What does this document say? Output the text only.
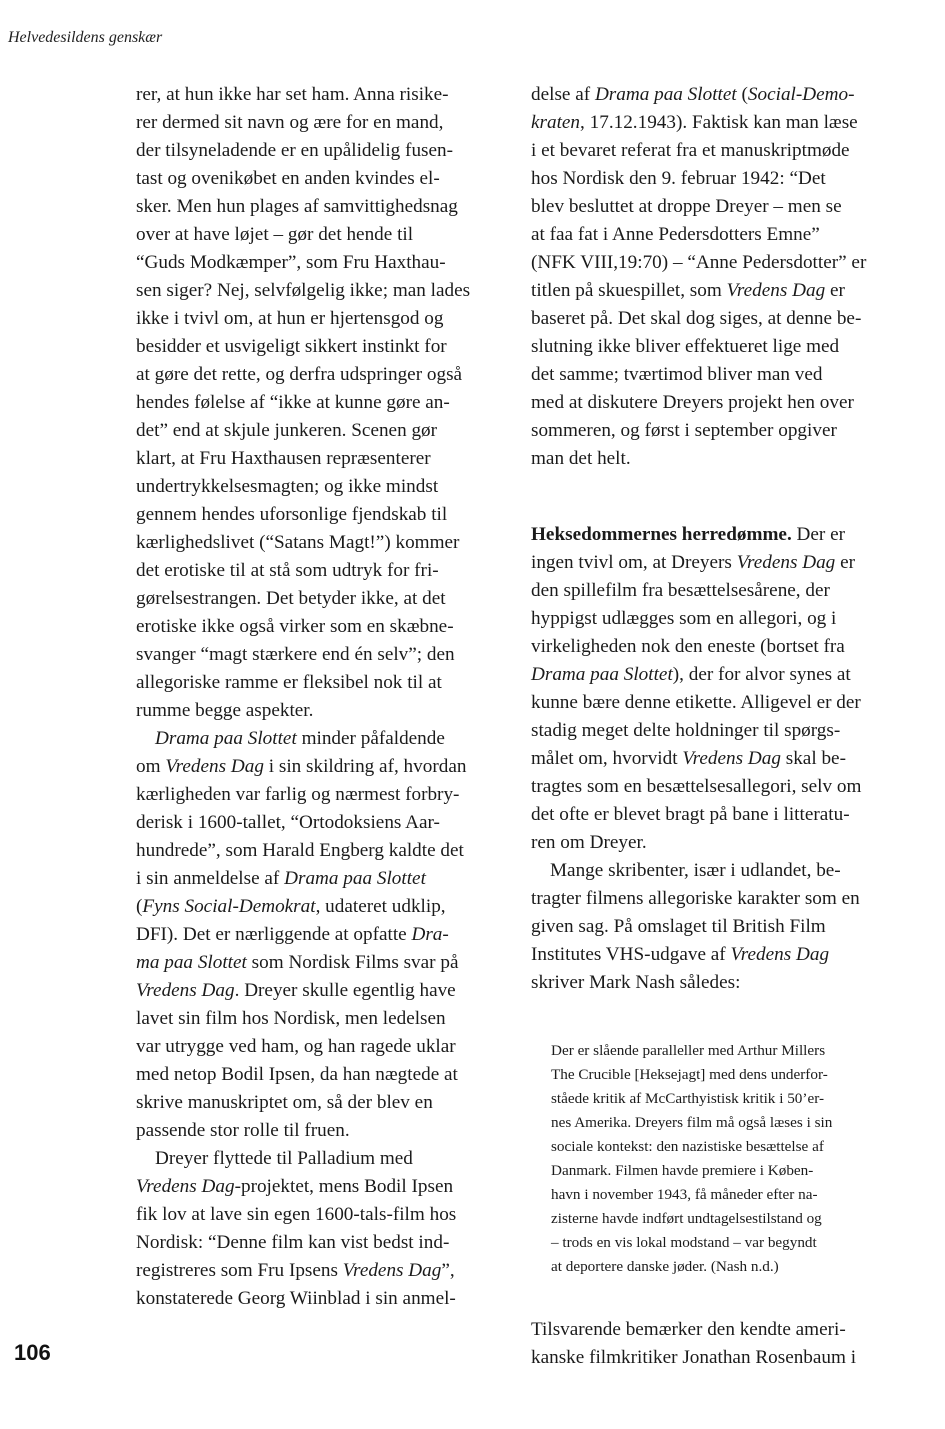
Helvedesildens genskær
rer, at hun ikke har set ham. Anna risike-
rer dermed sit navn og ære for en mand,
der tilsyneladende er en upålidelig fusen-
tast og ovenikøbet en anden kvindes el-
sker. Men hun plages af samvittighedsnag
over at have løjet – gør det hende til
“Guds Modkæmper”, som Fru Haxthau-
sen siger? Nej, selvfølgelig ikke; man lades
ikke i tvivl om, at hun er hjertensgod og
besidder et usvigeligt sikkert instinkt for
at gøre det rette, og derfra udspringer også
hendes følelse af “ikke at kunne gøre an-
det” end at skjule junkeren. Scenen gør
klart, at Fru Haxthausen repræsenterer
undertrykkelsesmagten; og ikke mindst
gennem hendes uforsonlige fjendskab til
kærlighedslivet (“Satans Magt!”) kommer
det erotiske til at stå som udtryk for fri-
gørelsestrangen. Det betyder ikke, at det
erotiske ikke også virker som en skæbne-
svanger “magt stærkere end én selv”; den
allegoriske ramme er fleksibel nok til at
rumme begge aspekter.
Drama paa Slottet minder påfaldende
om Vredens Dag i sin skildring af, hvordan
kærligheden var farlig og nærmest forbry-
derisk i 1600-tallet, “Ortodoksiens Aar-
hundrede”, som Harald Engberg kaldte det
i sin anmeldelse af Drama paa Slottet
(Fyns Social-Demokrat, udateret udklip,
DFI). Det er nærliggende at opfatte Dra-
ma paa Slottet som Nordisk Films svar på
Vredens Dag. Dreyer skulle egentlig have
lavet sin film hos Nordisk, men ledelsen
var utrygge ved ham, og han ragede uklar
med netop Bodil Ipsen, da han nægtede at
skrive manuskriptet om, så der blev en
passende stor rolle til fruen.
Dreyer flyttede til Palladium med
Vredens Dag-projektet, mens Bodil Ipsen
fik lov at lave sin egen 1600-tals-film hos
Nordisk: “Denne film kan vist bedst ind-
registreres som Fru Ipsens Vredens Dag”,
konstaterede Georg Wiinblad i sin anmel-
delse af Drama paa Slottet (Social-Demo-
kraten, 17.12.1943). Faktisk kan man læse
i et bevaret referat fra et manuskriptmøde
hos Nordisk den 9. februar 1942: “Det
blev besluttet at droppe Dreyer – men se
at faa fat i Anne Pedersdotters Emne”
(NFK VIII,19:70) – “Anne Pedersdotter” er
titlen på skuespillet, som Vredens Dag er
baseret på. Det skal dog siges, at denne be-
slutning ikke bliver effektueret lige med
det samme; tværtimod bliver man ved
med at diskutere Dreyers projekt hen over
sommeren, og først i september opgiver
man det helt.
Heksedommernes herredømme. Der er
ingen tvivl om, at Dreyers Vredens Dag er
den spillefilm fra besættelsesårene, der
hyppigst udlægges som en allegori, og i
virkeligheden nok den eneste (bortset fra
Drama paa Slottet), der for alvor synes at
kunne bære denne etikette. Alligevel er der
stadig meget delte holdninger til spørgs-
målet om, hvorvidt Vredens Dag skal be-
tragtes som en besættelsesallegori, selv om
det ofte er blevet bragt på bane i litteratu-
ren om Dreyer.
Mange skribenter, især i udlandet, be-
tragter filmens allegoriske karakter som en
given sag. På omslaget til British Film
Institutes VHS-udgave af Vredens Dag
skriver Mark Nash således:
Der er slående paralleller med Arthur Millers
The Crucible [Heksejagt] med dens underfor-
ståede kritik af McCarthyistisk kritik i 50’er-
nes Amerika. Dreyers film må også læses i sin
sociale kontekst: den nazistiske besættelse af
Danmark. Filmen havde premiere i Køben-
havn i november 1943, få måneder efter na-
zisterne havde indført undtagelsestilstand og
– trods en vis lokal modstand – var begyndt
at deportere danske jøder. (Nash n.d.)
Tilsvarende bemærker den kendte ameri-
kanske filmkritiker Jonathan Rosenbaum i
106
